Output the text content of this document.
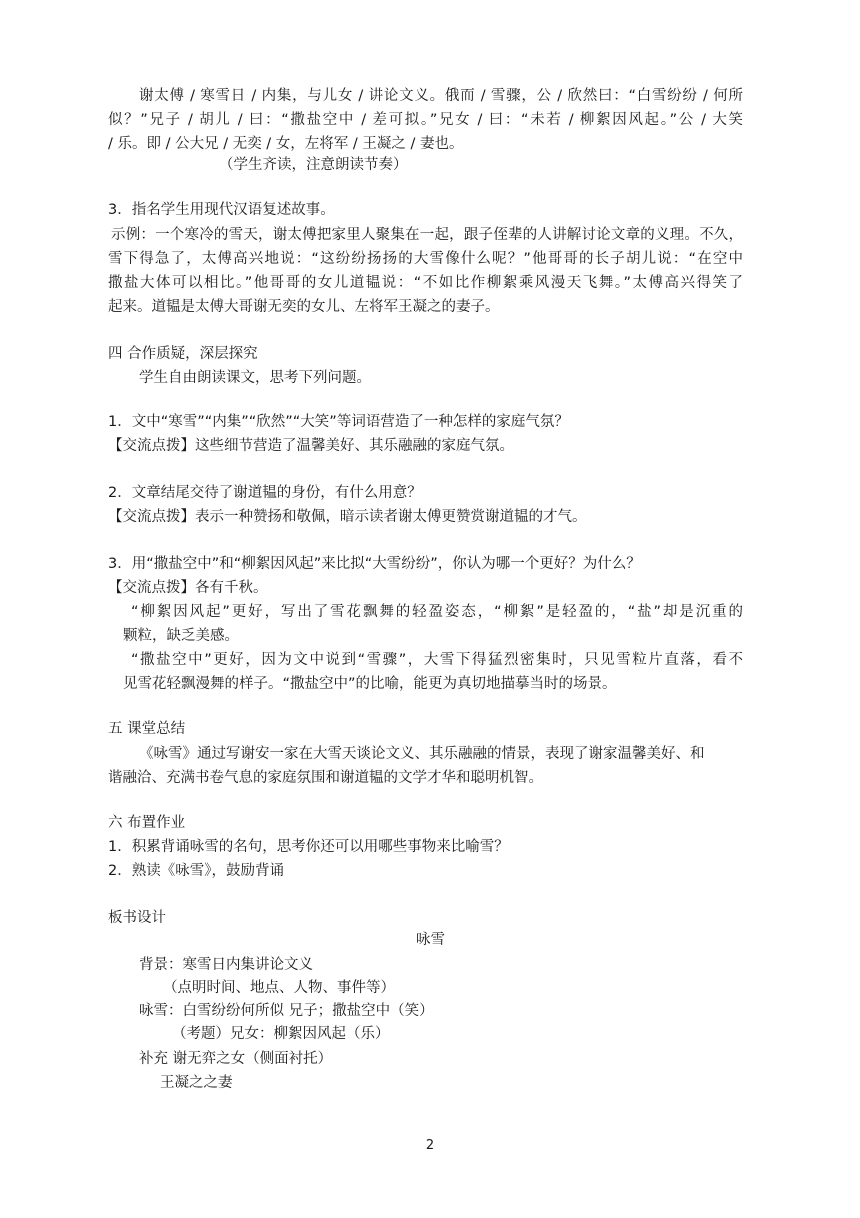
谢太傅 / 寒雪日 / 内集，与儿女 / 讲论文义。俄而 / 雪骤，公 / 欣然曰：“白雪纷纷 / 何所
似？”兄子 / 胡儿 / 曰：“撒盐空中 / 差可拟。”兄女 / 曰：“未若 / 柳絮因风起。”公 / 大笑
/ 乐。即 / 公大兄 / 无奕 / 女，左将军 / 王凝之 / 妻也。
（学生齐读，注意朗读节奏）
3．指名学生用现代汉语复述故事。
示例：一个寒冷的雪天，谢太傅把家里人聚集在一起，跟子侄辈的人讲解讨论文章的义理。不久，
雪下得急了，太傅高兴地说：“这纷纷扬扬的大雪像什么呢？”他哥哥的长子胡儿说：“在空中
撒盐大体可以相比。”他哥哥的女儿道韫说：“不如比作柳絮乘风漫天飞舞。”太傅高兴得笑了
起来。道韫是太傅大哥谢无奕的女儿、左将军王凝之的妻子。
四 合作质疑，深层探究
学生自由朗读课文，思考下列问题。
1．文中“寒雪”“内集”“欣然”“大笑”等词语营造了一种怎样的家庭气氛？
【交流点拨】这些细节营造了温馨美好、其乐融融的家庭气氛。
2．文章结尾交待了谢道韫的身份，有什么用意？
【交流点拨】表示一种赞扬和敬佩，暗示读者谢太傅更赞赏谢道韫的才气。
3．用“撒盐空中”和“柳絮因风起”来比拟“大雪纷纷”，你认为哪一个更好？为什么？
【交流点拨】各有千秋。
“柳絮因风起”更好，写出了雪花飘舞的轻盈姿态，“柳絮”是轻盈的，“盐”却是沉重的
颗粒，缺乏美感。
“撒盐空中”更好，因为文中说到“雪骤”，大雪下得猛烈密集时，只见雪粒片直落，看不
见雪花轻飘漫舞的样子。“撒盐空中”的比喻，能更为真切地描摹当时的场景。
五 课堂总结
《咏雪》通过写谢安一家在大雪天谈论文义、其乐融融的情景，表现了谢家温馨美好、和
谐融洽、充满书卷气息的家庭氛围和谢道韫的文学才华和聪明机智。
六 布置作业
1．积累背诵咏雪的名句，思考你还可以用哪些事物来比喻雪？
2．熟读《咏雪》，鼓励背诵
板书设计
咏雪
背景：寒雪日内集讲论文义
（点明时间、地点、人物、事件等）
咏雪：白雪纷纷何所似 兄子；撒盐空中（笑）
（考题）兄女：柳絮因风起（乐）
补充 谢无弈之女（侧面衬托）
王凝之之妻
2
